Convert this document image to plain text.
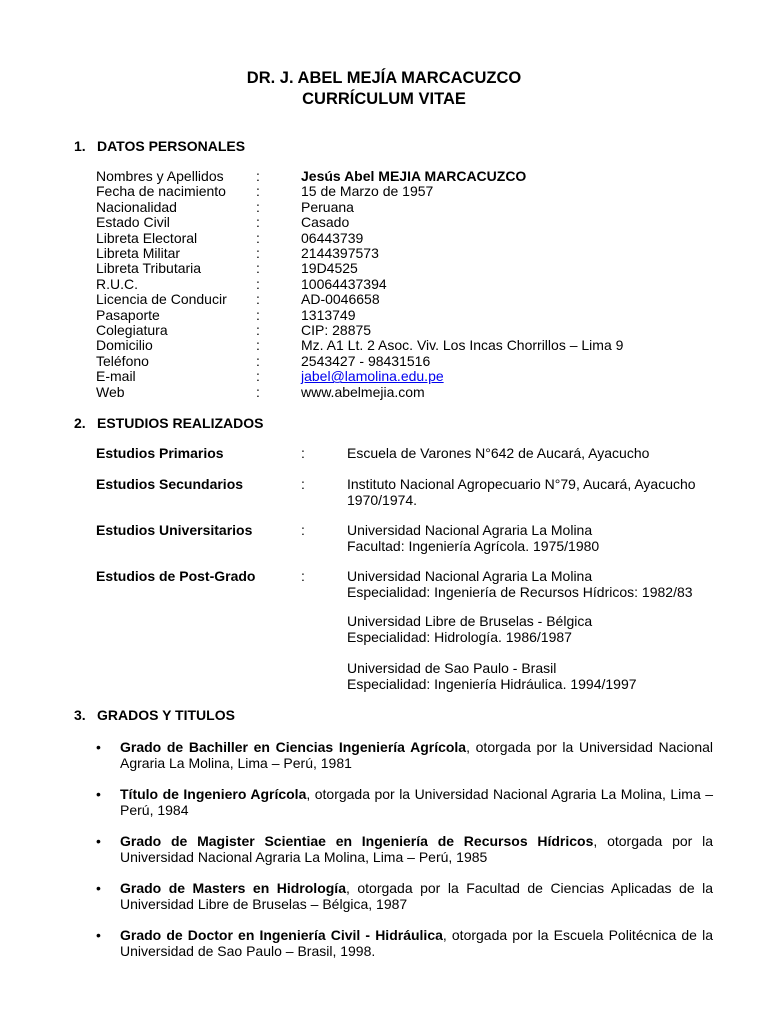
DR. J. ABEL MEJÍA MARCACUZCO
CURRÍCULUM VITAE
1. DATOS PERSONALES
Nombres y Apellidos :	Jesús Abel MEJIA MARCACUZCO
Fecha de nacimiento :	15 de Marzo de 1957
Nacionalidad	:	Peruana
Estado Civil	:	Casado
Libreta Electoral	:	06443739
Libreta Militar	:	2144397573
Libreta Tributaria	:	19D4525
R.U.C.	:	10064437394
Licencia de Conducir :	AD-0046658
Pasaporte	:	1313749
Colegiatura	:	CIP: 28875
Domicilio	:	Mz. A1 Lt. 2 Asoc. Viv. Los Incas Chorrillos – Lima 9
Teléfono	:	2543427 - 98431516
E-mail	:	jabel@lamolina.edu.pe
Web	:	www.abelmejia.com
2. ESTUDIOS REALIZADOS
Estudios Primarios	:	Escuela de Varones N°642 de Aucará, Ayacucho
Estudios Secundarios	:	Instituto Nacional Agropecuario N°79, Aucará, Ayacucho
1970/1974.
Estudios Universitarios	:	Universidad Nacional Agraria La Molina
Facultad: Ingeniería Agrícola. 1975/1980
Estudios de Post-Grado	:	Universidad Nacional Agraria La Molina
Especialidad: Ingeniería de Recursos Hídricos: 1982/83
Universidad Libre de Bruselas - Bélgica
Especialidad: Hidrología. 1986/1987
Universidad de Sao Paulo - Brasil
Especialidad: Ingeniería Hidráulica. 1994/1997
3. GRADOS Y TITULOS
• Grado de Bachiller en Ciencias Ingeniería Agrícola, otorgada por la Universidad Nacional Agraria La Molina, Lima – Perú, 1981
• Título de Ingeniero Agrícola, otorgada por la Universidad Nacional Agraria La Molina, Lima – Perú, 1984
• Grado de Magister Scientiae en Ingeniería de Recursos Hídricos, otorgada por la Universidad Nacional Agraria La Molina, Lima – Perú, 1985
• Grado de Masters en Hidrología, otorgada por la Facultad de Ciencias Aplicadas de la Universidad Libre de Bruselas – Bélgica, 1987
• Grado de Doctor en Ingeniería Civil - Hidráulica, otorgada por la Escuela Politécnica de la Universidad de Sao Paulo – Brasil, 1998.
